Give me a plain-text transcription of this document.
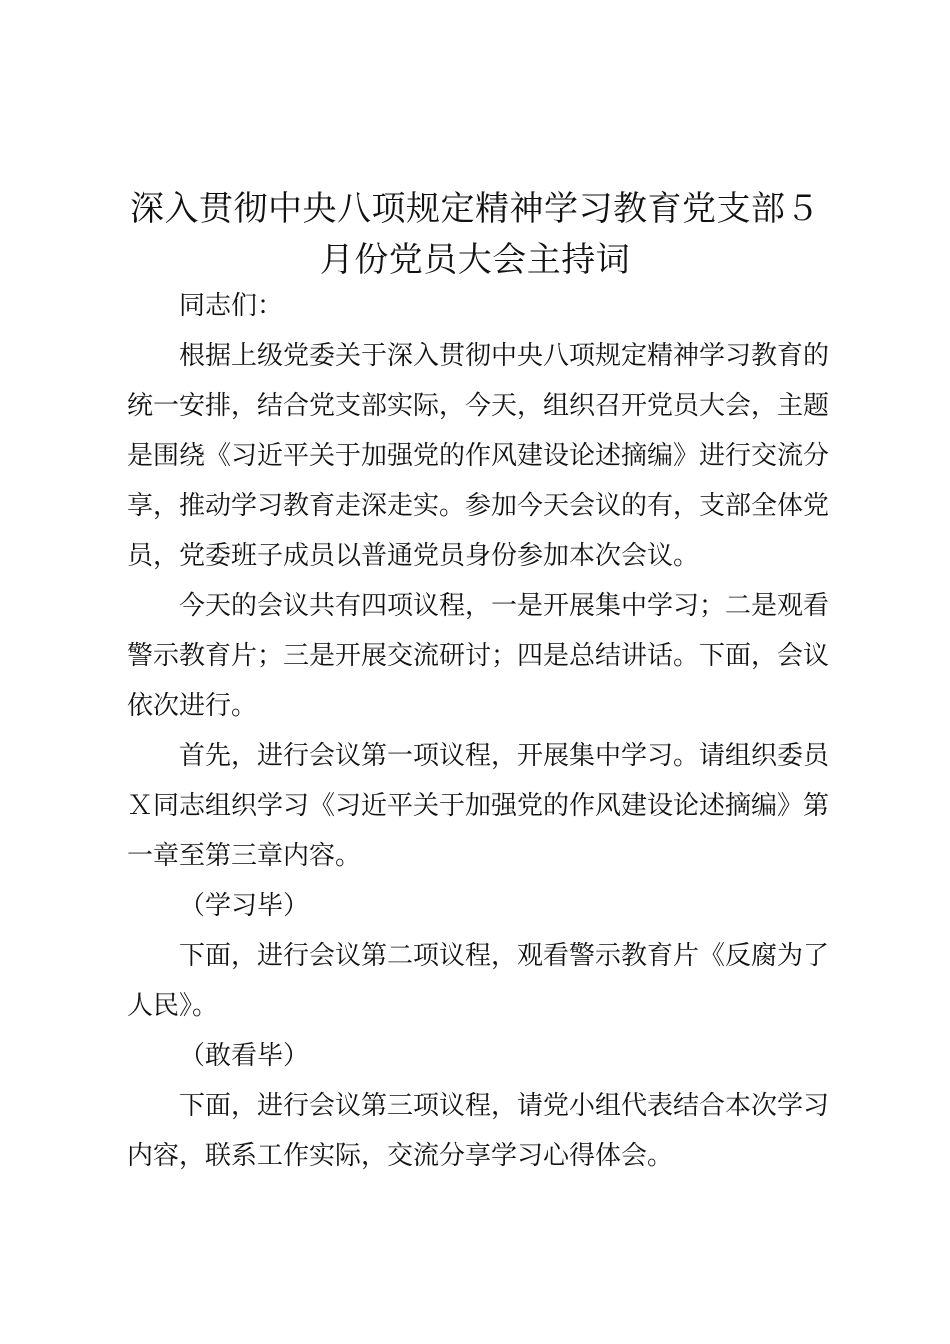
深入贯彻中央八项规定精神学习教育党支部５
月份党员大会主持词

同志们：

根据上级党委关于深入贯彻中央八项规定精神学习教育的
统一安排，结合党支部实际，今天，组织召开党员大会，主题
是围绕《习近平关于加强党的作风建设论述摘编》进行交流分
享，推动学习教育走深走实。参加今天会议的有，支部全体党
员，党委班子成员以普通党员身份参加本次会议。

今天的会议共有四项议程，一是开展集中学习；二是观看
警示教育片；三是开展交流研讨；四是总结讲话。下面，会议
依次进行。

首先，进行会议第一项议程，开展集中学习。请组织委员
Ｘ同志组织学习《习近平关于加强党的作风建设论述摘编》第
一章至第三章内容。

（学习毕）

下面，进行会议第二项议程，观看警示教育片《反腐为了
人民》。

（敢看毕）

下面，进行会议第三项议程，请党小组代表结合本次学习
内容，联系工作实际，交流分享学习心得体会。
